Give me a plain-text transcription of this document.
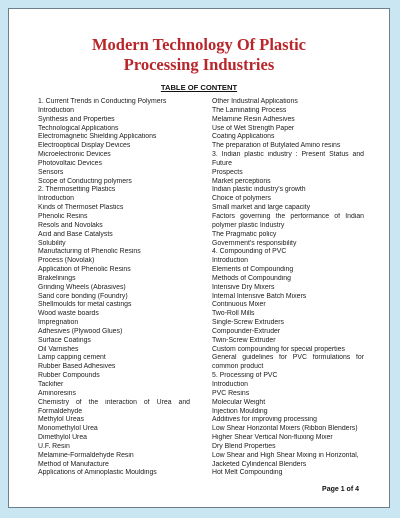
Modern Technology Of Plastic
Processing Industries
TABLE OF CONTENT
1. Current Trends in Conducting Polymers
Introduction
Synthesis and Properties
Technological Applications
Electromagnetic Shielding Applications
Electrooptical Display Devices
Microelectronic Devices
Photovoltaic Devices
Sensors
Scope of Conducting polymers
2. Thermosetting Plastics
Introduction
Kinds of Thermoset Plastics
Phenolic Resins
Resols and Novolaks
Acid and Base Catalysts
Solubility
Manufacturing of Phenolic Resins
Process (Novolak)
Application of Phenolic Resins
Brakelinings
Grinding Wheels (Abrasives)
Sand core bonding (Foundry)
Shellmoulds for metal castings
Wood waste boards
Impregnation
Adhesives (Plywood Glues)
Surface Coatings
Oil Varnishes
Lamp capping cement
Rubber Based Adhesives
Rubber Compounds
Tackifier
Aminoresins
Chemistry of the interaction of Urea and
Formaldehyde
Methylol Ureas
Monomethylol Urea
Dimethylol Urea
U.F. Resin
Melamine-Formaldehyde Resin
Method of Manufacture
Applications of Aminoplastic Mouldings
Other Industrial Applications
The Laminating Process
Melamine Resin Adhesives
Use of Wet Strength Paper
Coating Applications
The preparation of Butylated Amino resins
3. Indian plastic industry : Present Status and
Future
Prospects
Market perceptions
Indian plastic industry's growth
Choice of polymers
Small market and large capacity
Factors governing the performance of Indian
polymer plastic Industry
The Pragmatic policy
Government's responsibility
4. Compounding of PVC
Introduction
Elements of Compounding
Methods of Compounding
Intensive Dry Mixers
Internal Intensive Batch Mixers
Continuous Mixer
Two-Roll Mills
Single-Screw Extruders
Compounder-Extruder
Twin-Screw Extruder
Custom compounding for special properties
General guidelines for PVC formulations for
common product
5. Processing of PVC
Introduction
PVC Resins
Molecular Weight
Injection Moulding
Additives for improving processing
Low Shear Horizontal Mixers (Ribbon Blenders)
Higher Shear Vertical Non-fluxing Mixer
Dry Blend Properties
Low Shear and High Shear Mixing in Horizontal,
Jacketed Cylinderical Blenders
Hot Melt Compounding
Page 1 of 4
